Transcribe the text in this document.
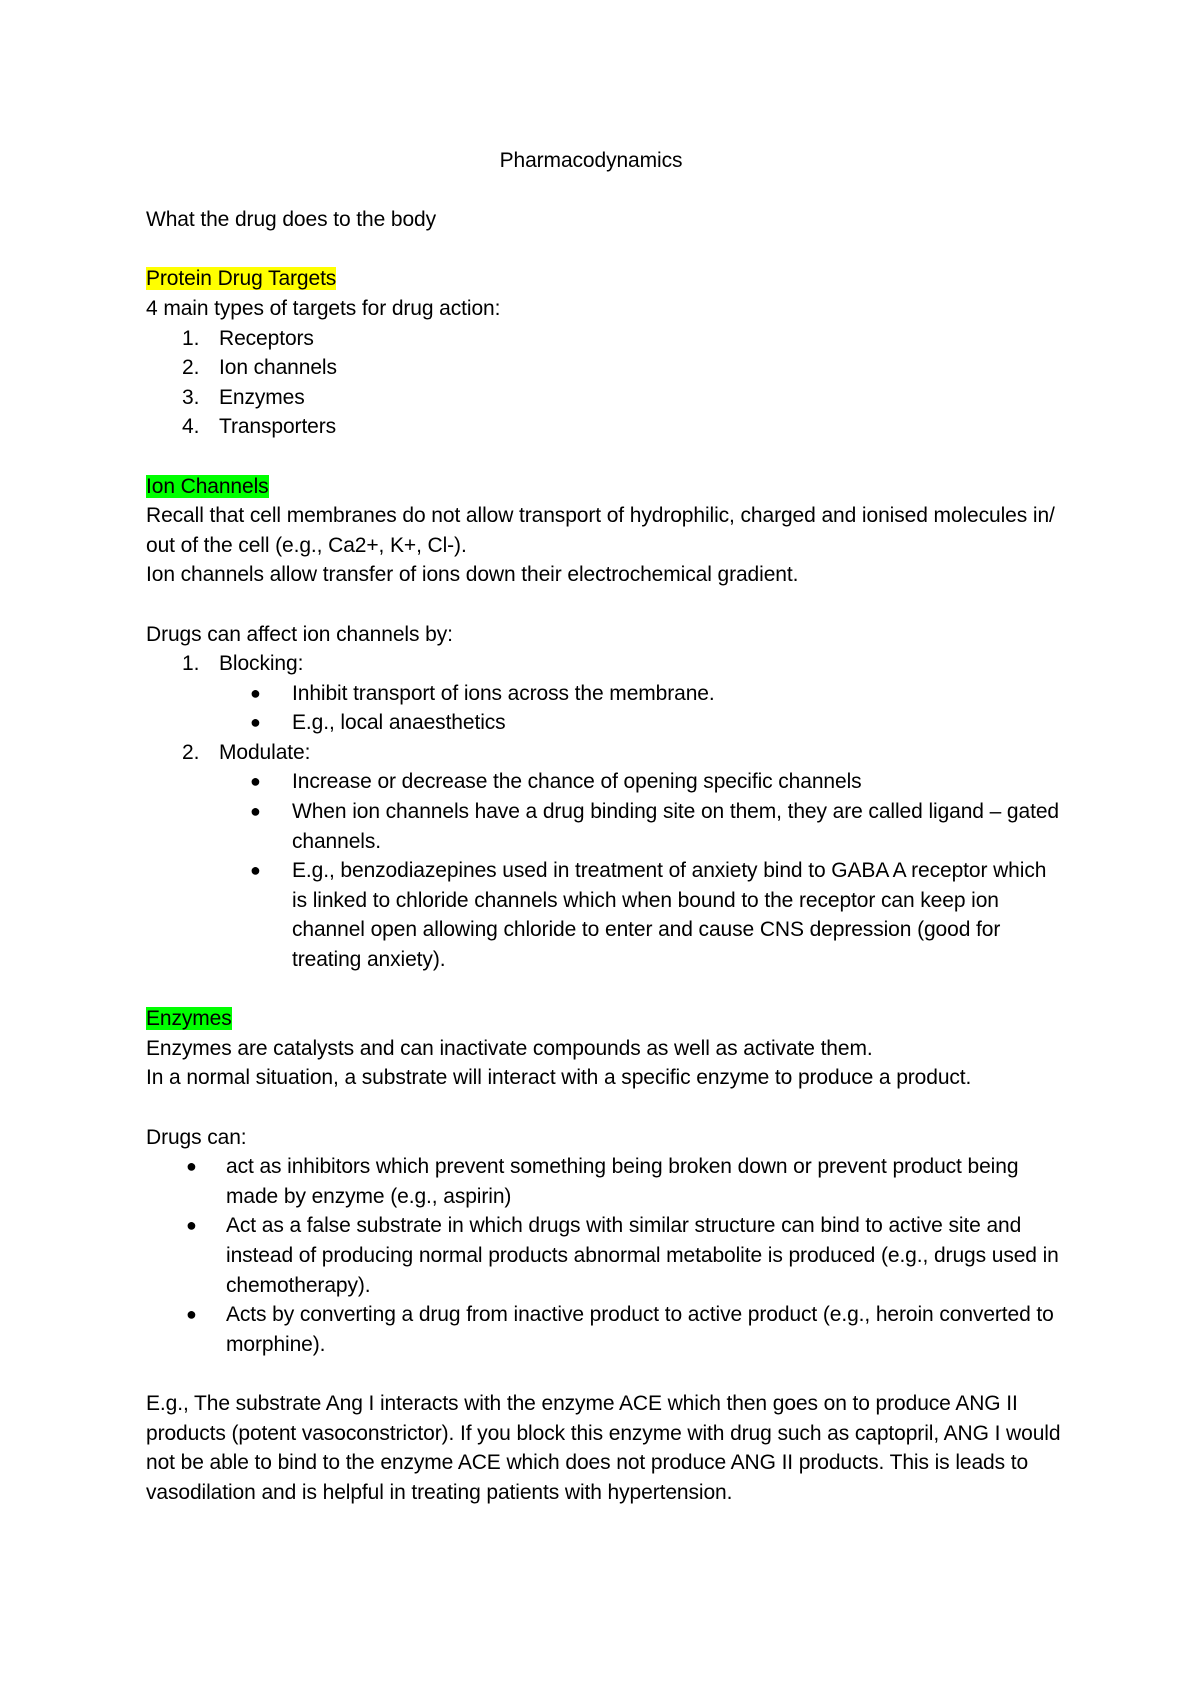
Pharmacodynamics

What the drug does to the body

Protein Drug Targets

4 main types of targets for drug action:

1. Receptors
2. Ion channels
3. Enzymes
4. Transporters

Ion Channels

Recall that cell membranes do not allow transport of hydrophilic, charged and ionised molecules in/ out of the cell (e.g., Ca2+, K+, Cl-).

Ion channels allow transfer of ions down their electrochemical gradient.

Drugs can affect ion channels by:

1. Blocking:
● Inhibit transport of ions across the membrane.
● E.g., local anaesthetics
2. Modulate:
● Increase or decrease the chance of opening specific channels
● When ion channels have a drug binding site on them, they are called ligand – gated channels.
● E.g., benzodiazepines used in treatment of anxiety bind to GABA A receptor which is linked to chloride channels which when bound to the receptor can keep ion channel open allowing chloride to enter and cause CNS depression (good for treating anxiety).

Enzymes

Enzymes are catalysts and can inactivate compounds as well as activate them.

In a normal situation, a substrate will interact with a specific enzyme to produce a product.

Drugs can:

● act as inhibitors which prevent something being broken down or prevent product being made by enzyme (e.g., aspirin)
● Act as a false substrate in which drugs with similar structure can bind to active site and instead of producing normal products abnormal metabolite is produced (e.g., drugs used in chemotherapy).
● Acts by converting a drug from inactive product to active product (e.g., heroin converted to morphine).

E.g., The substrate Ang I interacts with the enzyme ACE which then goes on to produce ANG II products (potent vasoconstrictor). If you block this enzyme with drug such as captopril, ANG I would not be able to bind to the enzyme ACE which does not produce ANG II products. This is leads to vasodilation and is helpful in treating patients with hypertension.
